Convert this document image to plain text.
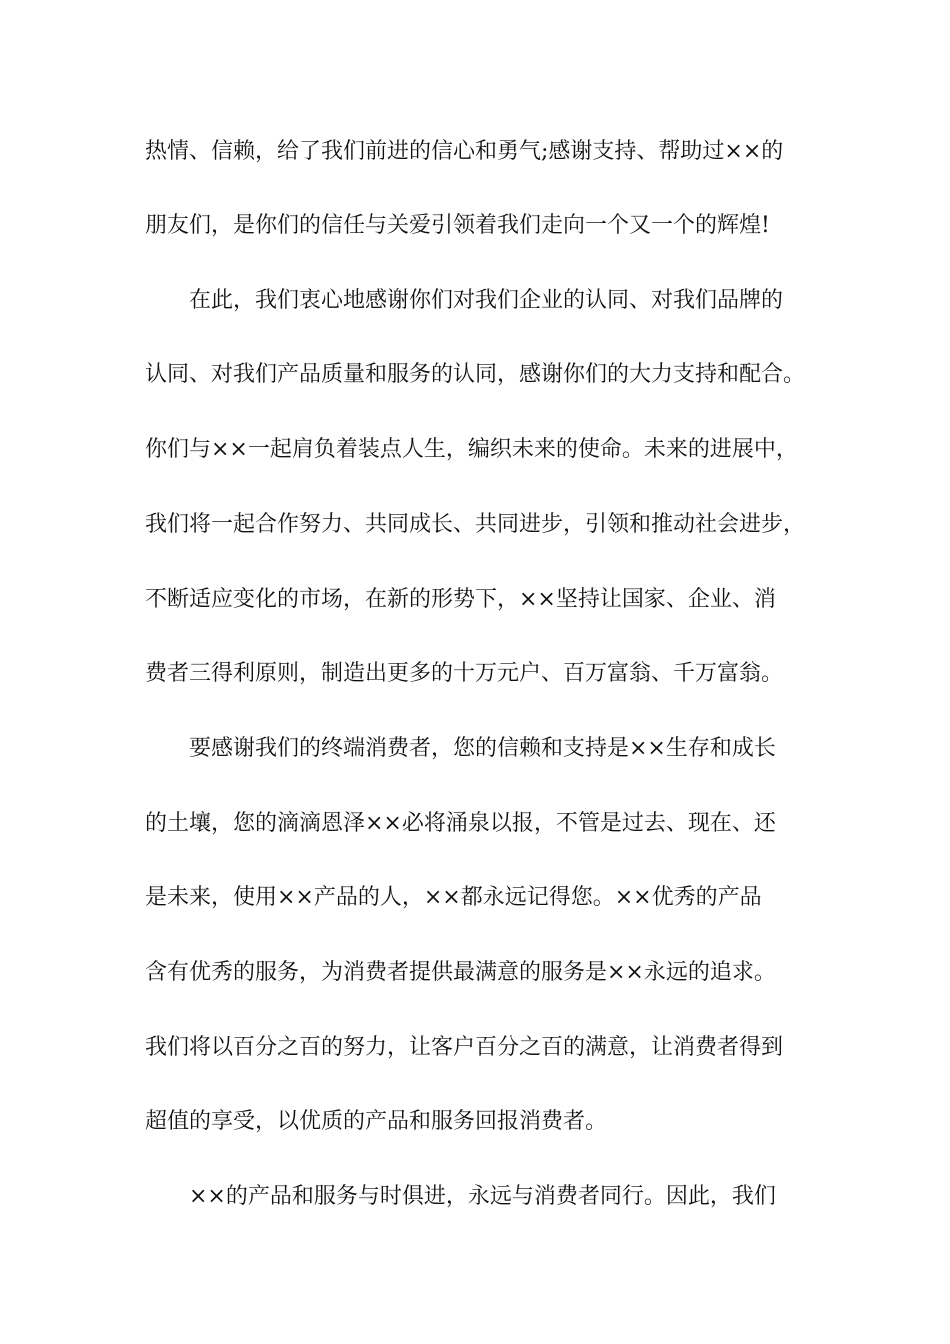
热情、信赖，给了我们前进的信心和勇气;感谢支持、帮助过××的
朋友们，是你们的信任与关爱引领着我们走向一个又一个的辉煌!
在此，我们衷心地感谢你们对我们企业的认同、对我们品牌的
认同、对我们产品质量和服务的认同，感谢你们的大力支持和配合。
你们与××一起肩负着装点人生，编织未来的使命。未来的进展中，
我们将一起合作努力、共同成长、共同进步，引领和推动社会进步，
不断适应变化的市场，在新的形势下，××坚持让国家、企业、消
费者三得利原则，制造出更多的十万元户、百万富翁、千万富翁。
要感谢我们的终端消费者，您的信赖和支持是××生存和成长
的土壤，您的滴滴恩泽××必将涌泉以报，不管是过去、现在、还
是未来，使用××产品的人，××都永远记得您。××优秀的产品
含有优秀的服务，为消费者提供最满意的服务是××永远的追求。
我们将以百分之百的努力，让客户百分之百的满意，让消费者得到
超值的享受，以优质的产品和服务回报消费者。
××的产品和服务与时俱进，永远与消费者同行。因此，我们
